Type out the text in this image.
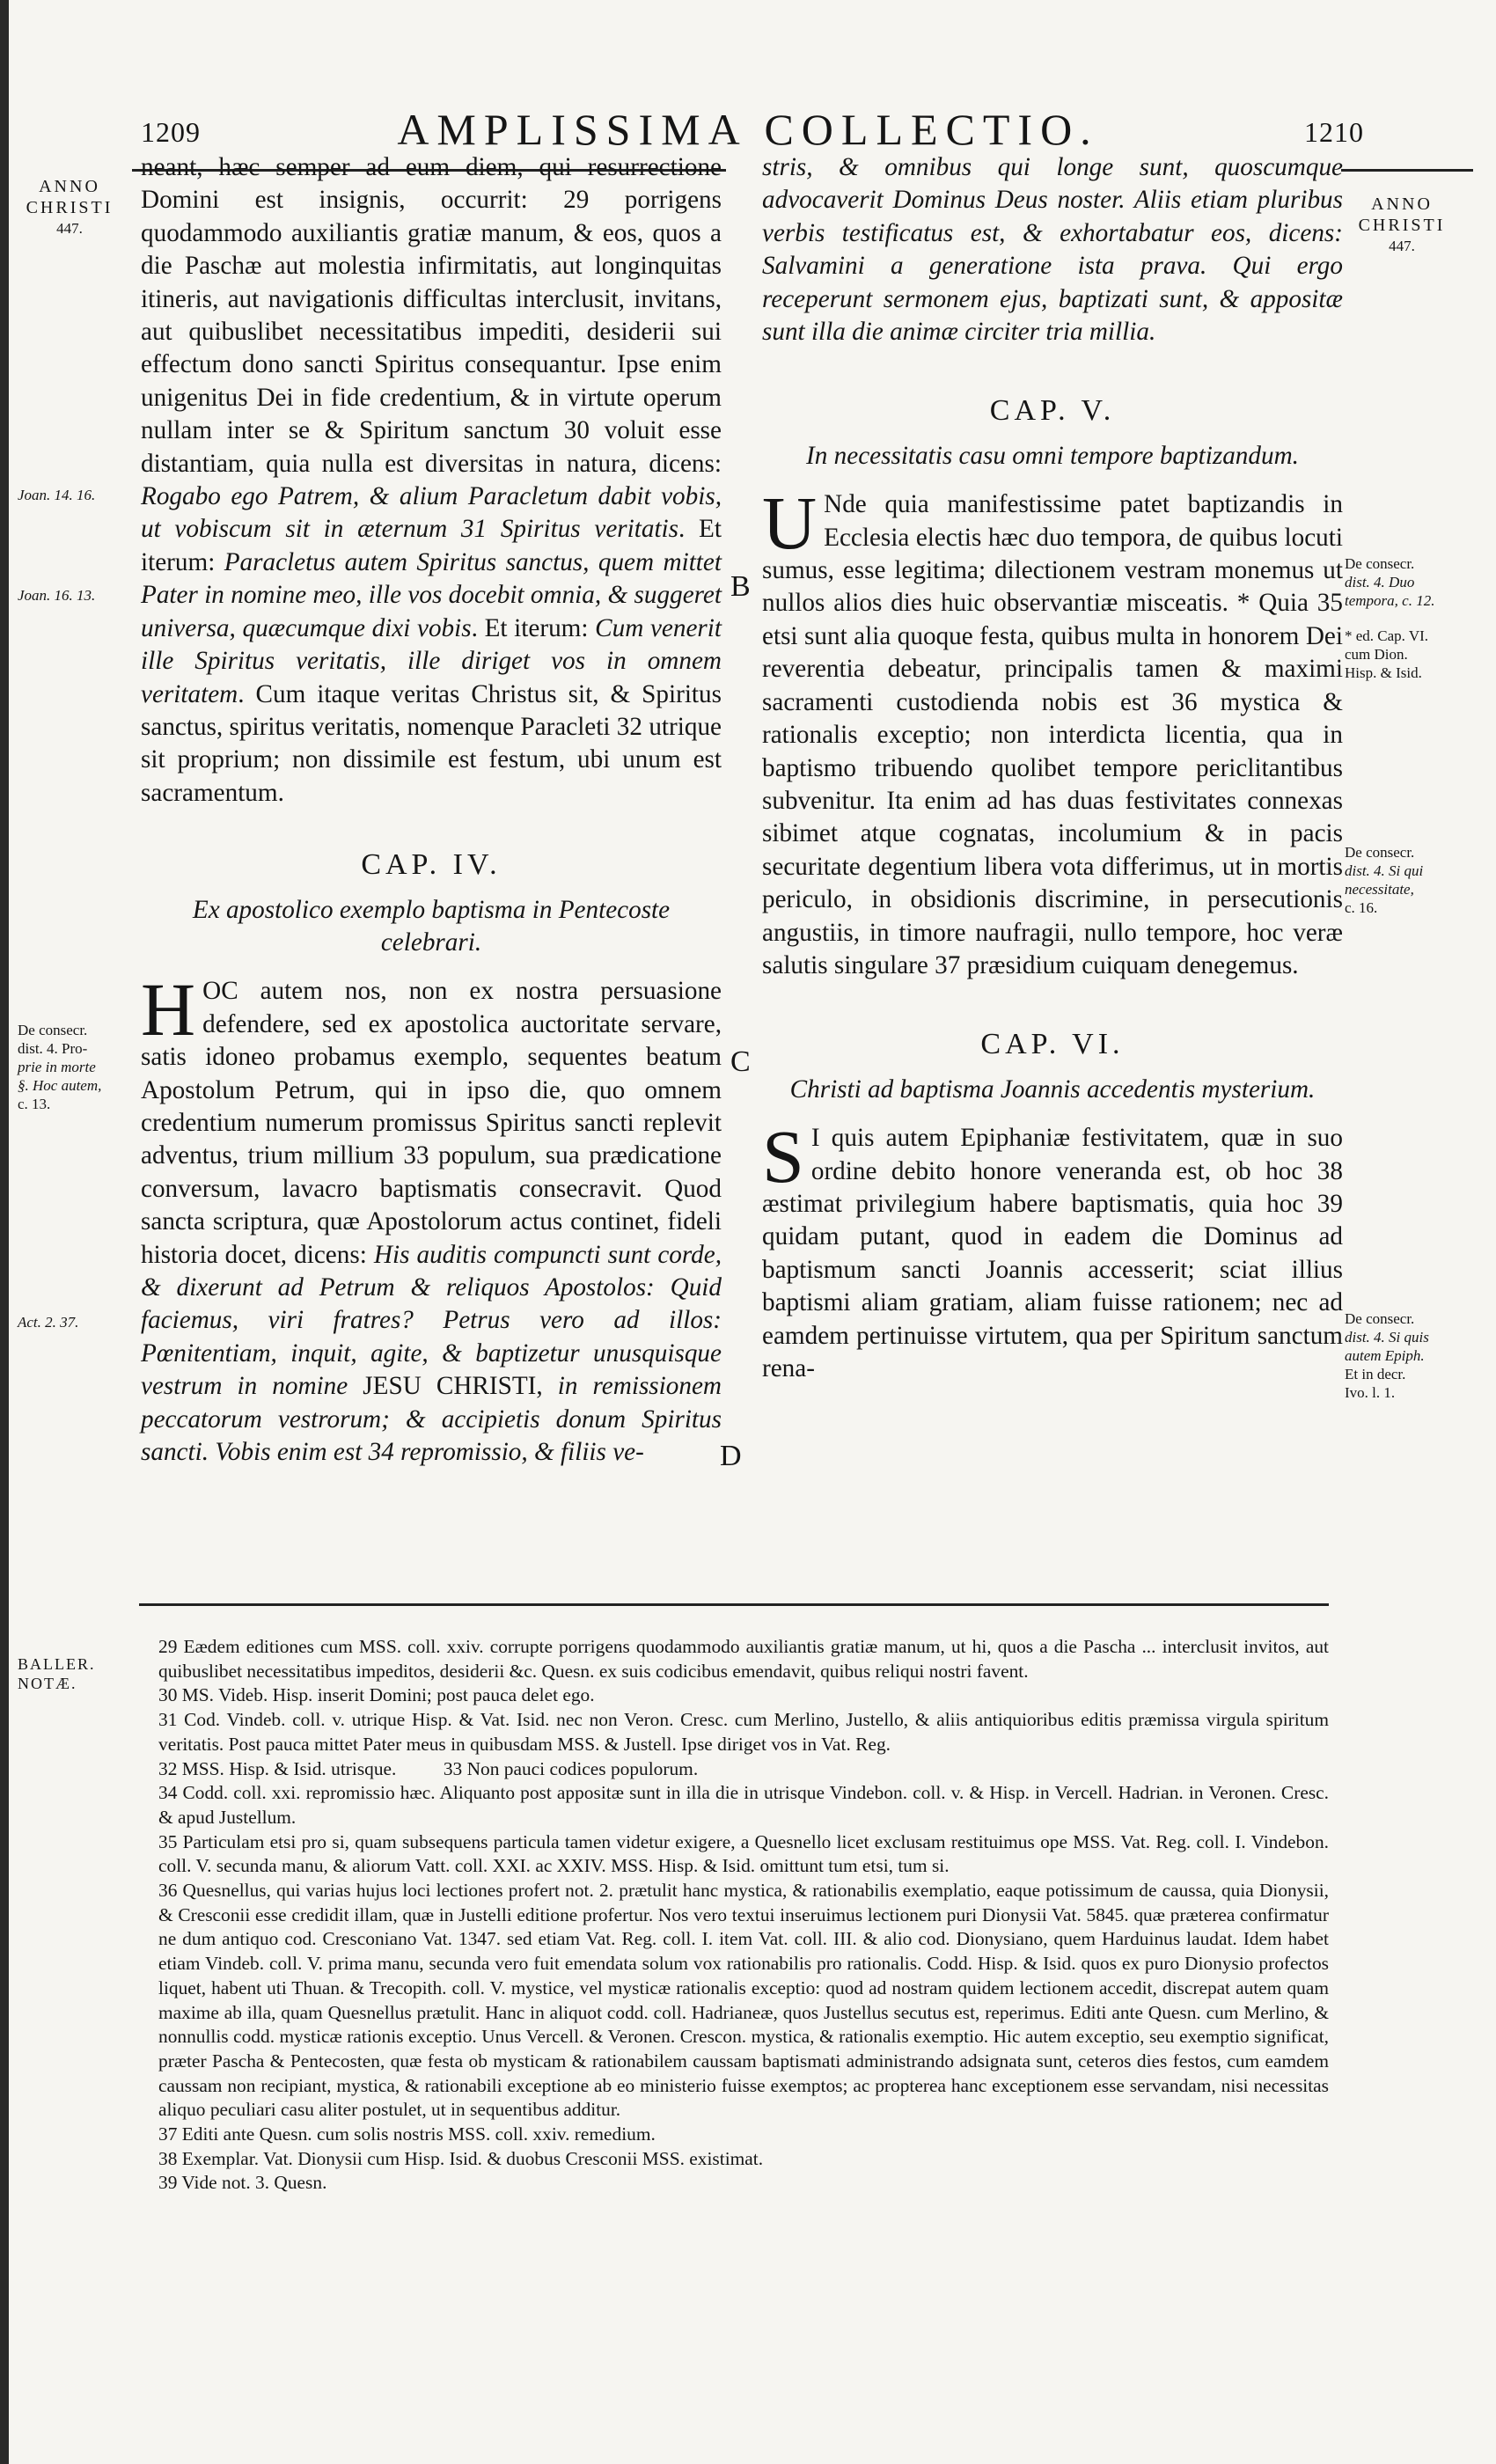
1209	AMPLISSIMA COLLECTIO.	1210
ANNO
CHRISTI
447.
Joan. 14. 16.
Joan. 16. 13.
De consecr.
dist. 4. Pro-
prie in morte
§. Hoc autem,
c. 13.
Act. 2. 37.
ANNO
CHRISTI
447.
De consecr.
dist. 4. Duo
tempora, c. 12.
* ed. Cap. VI.
cum Dion.
Hisp. & Isid.
De consecr.
dist. 4. Si qui
necessitate,
c. 16.
De consecr.
dist. 4. Si quis
autem Epiph.
Et in decr.
Ivo. l. 1.
B
C
D

neant, hæc semper ad eum diem, qui resurrectione Domini est insignis, occurrit: 29 porrigens quodammodo auxiliantis gratiæ manum, & eos, quos a die Paschæ aut molestia infirmitatis, aut longinquitas itineris, aut navigationis difficultas interclusit, invitans, aut quibuslibet necessitatibus impediti, desiderii sui effectum dono sancti Spiritus consequantur. Ipse enim unigenitus Dei in fide credentium, & in virtute operum nullam inter se & Spiritum sanctum 30 voluit esse distantiam, quia nulla est diversitas in natura, dicens: Rogabo ego Patrem, & alium Paracletum dabit vobis, ut vobiscum sit in æternum 31 Spiritus veritatis. Et iterum: Paracletus autem Spiritus sanctus, quem mittet Pater in nomine meo, ille vos docebit omnia, & suggeret universa, quæcumque dixi vobis. Et iterum: Cum venerit ille Spiritus veritatis, ille diriget vos in omnem veritatem. Cum itaque veritas Christus sit, & Spiritus sanctus, spiritus veritatis, nomenque Paracleti 32 utrique sit proprium; non dissimile est festum, ubi unum est sacramentum.

CAP. IV.
Ex apostolico exemplo baptisma in Pentecoste celebrari.

HOC autem nos, non ex nostra persuasione defendere, sed ex apostolica auctoritate servare, satis idoneo probamus exemplo, sequentes beatum Apostolum Petrum, qui in ipso die, quo omnem credentium numerum promissus Spiritus sancti replevit adventus, trium millium 33 populum, sua prædicatione conversum, lavacro baptismatis consecravit. Quod sancta scriptura, quæ Apostolorum actus continet, fideli historia docet, dicens: His auditis compuncti sunt corde, & dixerunt ad Petrum & reliquos Apostolos: Quid faciemus, viri fratres? Petrus vero ad illos: Pœnitentiam, inquit, agite, & baptizetur unusquisque vestrum in nomine JESU CHRISTI, in remissionem peccatorum vestrorum; & accipietis donum Spiritus sancti. Vobis enim est 34 repromissio, & filiis ve-

stris, & omnibus qui longe sunt, quoscumque advocaverit Dominus Deus noster. Aliis etiam pluribus verbis testificatus est, & exhortabatur eos, dicens: Salvamini a generatione ista prava. Qui ergo receperunt sermonem ejus, baptizati sunt, & appositæ sunt illa die animæ circiter tria millia.

CAP. V.
In necessitatis casu omni tempore baptizandum.

U Nde quia manifestissime patet baptizandis in Ecclesia electis hæc duo tempora, de quibus locuti sumus, esse legitima; dilectionem vestram monemus ut nullos alios dies huic observantiæ misceatis. * Quia 35 etsi sunt alia quoque festa, quibus multa in honorem Dei reverentia debeatur, principalis tamen & maximi sacramenti custodienda nobis est 36 mystica & rationalis exceptio; non interdicta licentia, qua in baptismo tribuendo quolibet tempore periclitantibus subvenitur. Ita enim ad has duas festivitates connexas sibimet atque cognatas, incolumium & in pacis securitate degentium libera vota differimus, ut in mortis periculo, in obsidionis discrimine, in persecutionis angustiis, in timore naufragii, nullo tempore, hoc veræ salutis singulare 37 præsidium cuiquam denegemus.

CAP. VI.
Christi ad baptisma Joannis accedentis mysterium.

S I quis autem Epiphaniæ festivitatem, quæ in suo ordine debito honore veneranda est, ob hoc 38 æstimat privilegium habere baptismatis, quia hoc 39 quidam putant, quod in eadem die Dominus ad baptismum sancti Joannis accesserit; sciat illius baptismi aliam gratiam, aliam fuisse rationem; nec ad eamdem pertinuisse virtutem, qua per Spiritum sanctum rena-

BALLER.
NOTÆ.

29 Eædem editiones cum MSS. coll. xxiv. corrupte porrigens quodammodo auxiliantis gratiæ manum, ut hi, quos a die Pascha ... interclusit invitos, aut quibuslibet necessitatibus impeditos, desiderii &c. Quesn. ex suis codicibus emendavit, quibus reliqui nostri favent.

30 MS. Videb. Hisp. inserit Domini; post pauca delet ego.

31 Cod. Vindeb. coll. v. utrique Hisp. & Vat. Isid. nec non Veron. Cresc. cum Merlino, Justello, & aliis antiquioribus editis præmissa virgula spiritum veritatis. Post pauca mittet Pater meus in quibusdam MSS. & Justell. Ipse diriget vos in Vat. Reg.

32 MSS. Hisp. & Isid. utrisque.          33 Non pauci codices populorum.

34 Codd. coll. xxi. repromissio hæc. Aliquanto post appositæ sunt in illa die in utrisque Vindebon. coll. v. & Hisp. in Vercell. Hadrian. in Veronen. Cresc. & apud Justellum.

35 Particulam etsi pro si, quam subsequens particula tamen videtur exigere, a Quesnello licet exclusam restituimus ope MSS. Vat. Reg. coll. I. Vindebon. coll. V. secunda manu, & aliorum Vatt. coll. XXI. ac XXIV. MSS. Hisp. & Isid. omittunt tum etsi, tum si.

36 Quesnellus, qui varias hujus loci lectiones profert not. 2. prætulit hanc mystica, & rationabilis exemplatio, eaque potissimum de caussa, quia Dionysii, & Cresconii esse credidit illam, quæ in Justelli editione profertur. Nos vero textui inseruimus lectionem puri Dionysii Vat. 5845. quæ præterea confirmatur ne dum antiquo cod. Cresconiano Vat. 1347. sed etiam Vat. Reg. coll. I. item Vat. coll. III. & alio cod. Dionysiano, quem Harduinus laudat. Idem habet etiam Vindeb. coll. V. prima manu, secunda vero fuit emendata solum vox rationabilis pro rationalis. Codd. Hisp. & Isid. quos ex puro Dionysio profectos liquet, habent uti Thuan. & Trecopith. coll. V. mystice, vel mysticæ rationalis exceptio: quod ad nostram quidem lectionem accedit, discrepat autem quam maxime ab illa, quam Quesnellus prætulit. Hanc in aliquot codd. coll. Hadrianeæ, quos Justellus secutus est, reperimus. Editi ante Quesn. cum Merlino, & nonnullis codd. mysticæ rationis exceptio. Unus Vercell. & Veronen. Crescon. mystica, & rationalis exemptio. Hic autem exceptio, seu exemptio significat, præter Pascha & Pentecosten, quæ festa ob mysticam & rationabilem caussam baptismati administrando adsignata sunt, ceteros dies festos, cum eamdem caussam non recipiant, mystica, & rationabili exceptione ab eo ministerio fuisse exemptos; ac propterea hanc exceptionem esse servandam, nisi necessitas aliquo peculiari casu aliter postulet, ut in sequentibus additur.

37 Editi ante Quesn. cum solis nostris MSS. coll. xxiv. remedium.

38 Exemplar. Vat. Dionysii cum Hisp. Isid. & duobus Cresconii MSS. existimat.

39 Vide not. 3. Quesn.
